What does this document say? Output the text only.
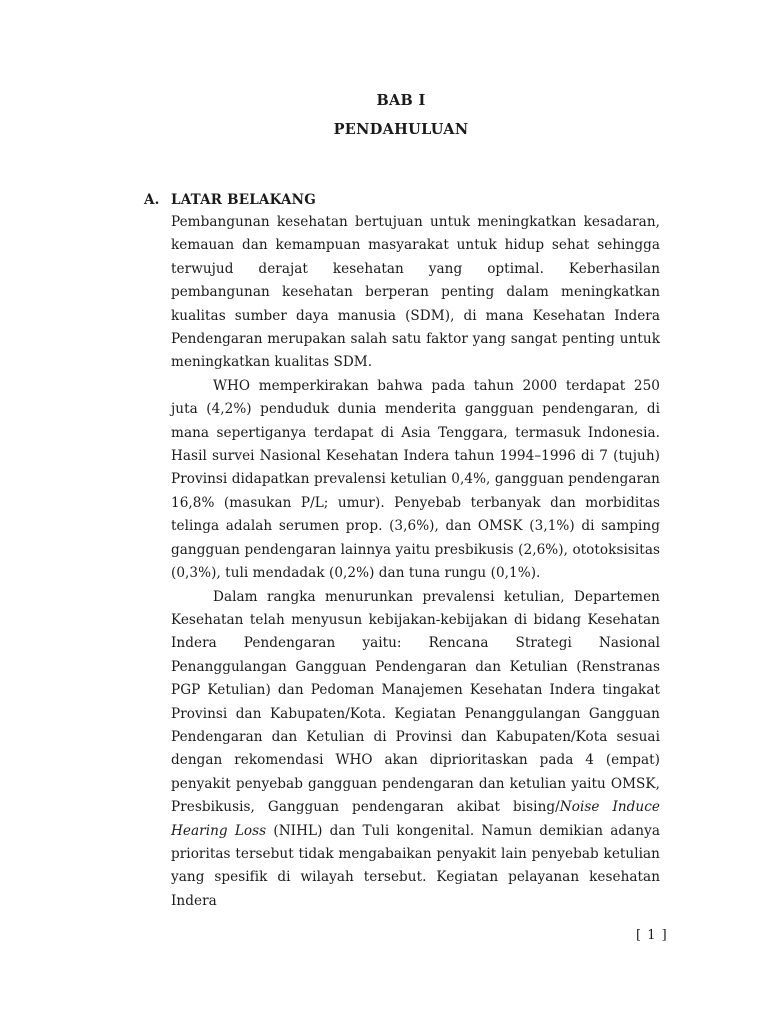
BAB I
PENDAHULUAN
A. LATAR BELAKANG

Pembangunan kesehatan bertujuan untuk meningkatkan kesadaran, kemauan dan kemampuan masyarakat untuk hidup sehat sehingga terwujud derajat kesehatan yang optimal. Keberhasilan pembangunan kesehatan berperan penting dalam meningkatkan kualitas sumber daya manusia (SDM), di mana Kesehatan Indera Pendengaran merupakan salah satu faktor yang sangat penting untuk meningkatkan kualitas SDM.

WHO memperkirakan bahwa pada tahun 2000 terdapat 250 juta (4,2%) penduduk dunia menderita gangguan pendengaran, di mana sepertiganya terdapat di Asia Tenggara, termasuk Indonesia. Hasil survei Nasional Kesehatan Indera tahun 1994–1996 di 7 (tujuh) Provinsi didapatkan prevalensi ketulian 0,4%, gangguan pendengaran 16,8% (masukan P/L; umur). Penyebab terbanyak dan morbiditas telinga adalah serumen prop. (3,6%), dan OMSK (3,1%) di samping gangguan pendengaran lainnya yaitu presbikusis (2,6%), ototoksisitas (0,3%), tuli mendadak (0,2%) dan tuna rungu (0,1%).

Dalam rangka menurunkan prevalensi ketulian, Departemen Kesehatan telah menyusun kebijakan-kebijakan di bidang Kesehatan Indera Pendengaran yaitu: Rencana Strategi Nasional Penanggulangan Gangguan Pendengaran dan Ketulian (Renstranas PGP Ketulian) dan Pedoman Manajemen Kesehatan Indera tingakat Provinsi dan Kabupaten/Kota. Kegiatan Penanggulangan Gangguan Pendengaran dan Ketulian di Provinsi dan Kabupaten/Kota sesuai dengan rekomendasi WHO akan diprioritaskan pada 4 (empat) penyakit penyebab gangguan pendengaran dan ketulian yaitu OMSK, Presbikusis, Gangguan pendengaran akibat bising/Noise Induce Hearing Loss (NIHL) dan Tuli kongenital. Namun demikian adanya prioritas tersebut tidak mengabaikan penyakit lain penyebab ketulian yang spesifik di wilayah tersebut. Kegiatan pelayanan kesehatan Indera

[ 1 ]
